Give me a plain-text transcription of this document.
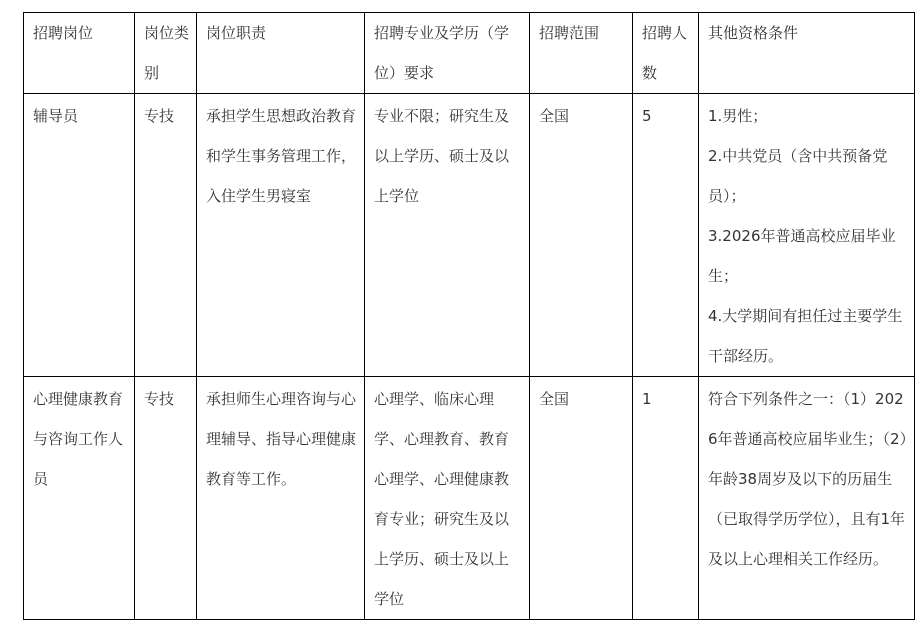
招聘岗位	岗位类别	岗位职责	招聘专业及学历（学位）要求	招聘范围	招聘人数	其他资格条件

辅导员	专技	承担学生思想政治教育和学生事务管理工作，入住学生男寝室	专业不限；研究生及以上学历、硕士及以上学位	全国	5	1.男性；
2.中共党员（含中共预备党员）；
3.2026年普通高校应届毕业生；
4.大学期间有担任过主要学生干部经历。

心理健康教育与咨询工作人员	专技	承担师生心理咨询与心理辅导、指导心理健康教育等工作。	心理学、临床心理学、心理教育、教育心理学、心理健康教育专业；研究生及以上学历、硕士及以上学位	全国	1	符合下列条件之一：（1）2026年普通高校应届毕业生；（2）年龄38周岁及以下的历届生（已取得学历学位），且有1年及以上心理相关工作经历。
